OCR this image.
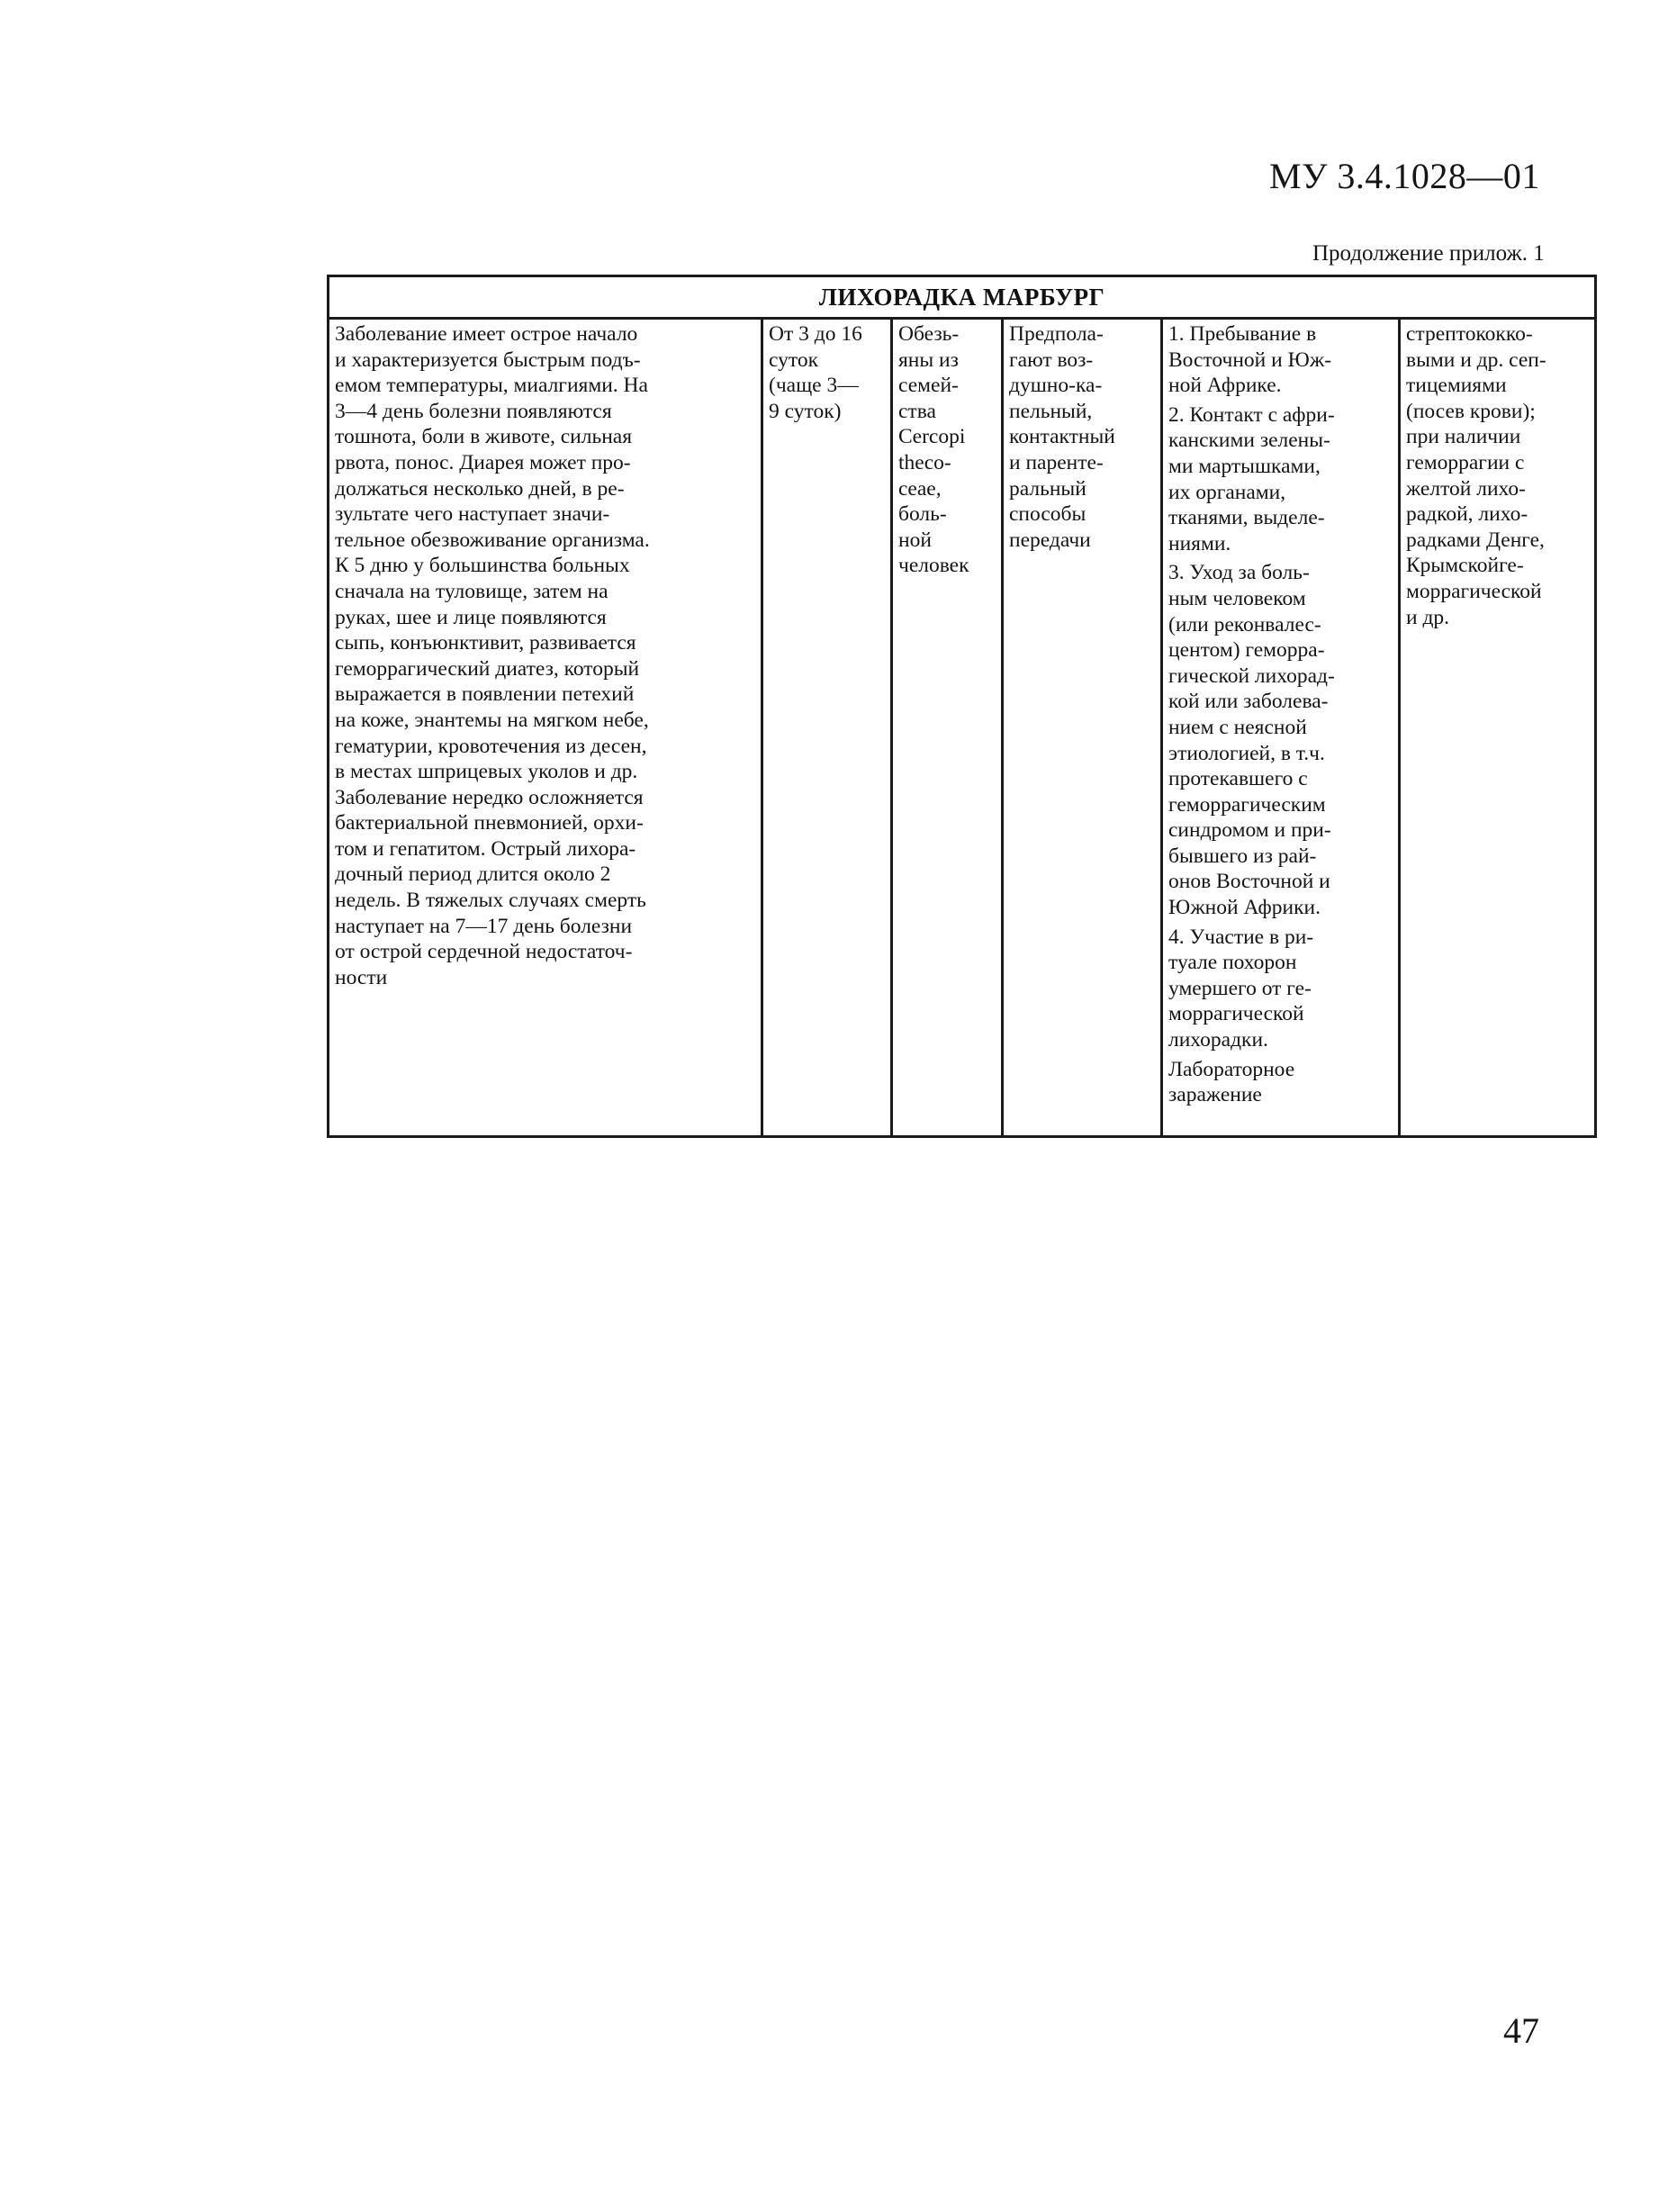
МУ 3.4.1028—01
Продолжение прилож. 1
ЛИХОРАДКА МАРБУРГ
Заболевание имеет острое начало
и характеризуется быстрым подъ-
емом температуры, миалгиями. На
3—4 день болезни появляются
тошнота, боли в животе, сильная
рвота, понос. Диарея может про-
должаться несколько дней, в ре-
зультате чего наступает значи-
тельное обезвоживание организма.
К 5 дню у большинства больных
сначала на туловище, затем на
руках, шее и лице появляются
сыпь, конъюнктивит, развивается
геморрагический диатез, который
выражается в появлении петехий
на коже, энантемы на мягком небе,
гематурии, кровотечения из десен,
в местах шприцевых уколов и др.
Заболевание нередко осложняется
бактериальной пневмонией, орхи-
том и гепатитом. Острый лихора-
дочный период длится около 2
недель. В тяжелых случаях смерть
наступает на 7—17 день болезни
от острой сердечной недостаточ-
ности
От 3 до 16
суток
(чаще 3—
9 суток)
Обезь-
яны из
семей-
ства
Cercopi
theco-
ceae,
боль-
ной
человек
Предпола-
гают воз-
душно-ка-
пельный,
контактный
и паренте-
ральный
способы
передачи
1. Пребывание в
Восточной и Юж-
ной Африке.
2. Контакт с афри-
канскими зелены-
ми мартышками,
их органами,
тканями, выделе-
ниями.
3. Уход за боль-
ным человеком
(или реконвалес-
центом) геморра-
гической лихорад-
кой или заболева-
нием с неясной
этиологией, в т.ч.
протекавшего с
геморрагическим
синдромом и при-
бывшего из рай-
онов Восточной и
Южной Африки.
4. Участие в ри-
туале похорон
умершего от ге-
моррагической
лихорадки.
Лабораторное
заражение
стрептококко-
выми и др. сеп-
тицемиями
(посев крови);
при наличии
геморрагии с
желтой лихо-
радкой, лихо-
радками Денге,
Крымскойге-
моррагической
и др.
47
